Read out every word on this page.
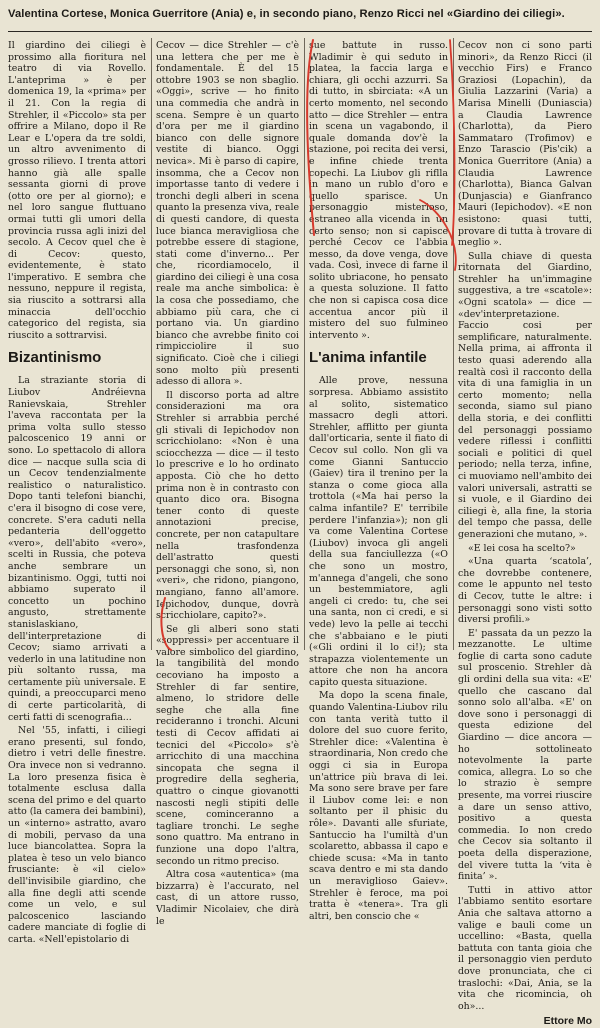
Valentina Cortese, Monica Guerritore (Ania) e, in secondo piano, Renzo Ricci nel «Giardino dei ciliegi».

Il giardino dei ciliegi è prossimo alla fioritura nel teatro di via Rovello. L'anteprima » è per domenica 19, la «prima» per il 21. Con la regia di Strehler, il «Piccolo» sta per offrire a Milano, dopo il Re Lear e L'opera da tre soldi, un altro avvenimento di grosso rilievo. I trenta attori hanno già alle spalle sessanta giorni di prove (otto ore per al giorno); e nel loro sangue fluttuano ormai tutti gli umori della provincia russa agli inizi del secolo. A Cecov quel che è di Cecov: questo, evidentemente, è stato l'imperativo. E sembra che nessuno, neppure il regista, sia riuscito a sottrarsi alla minaccia dell'occhio categorico del regista, sia riuscito a sottrarvisi.

Bizantinismo

La straziante storia di Liubov Andréievna Ranievskaia, Strehler l'aveva raccontata per la prima volta sullo stesso palcoscenico 19 anni or sono. Lo spettacolo di allora dice — nacque sulla scia di un Cecov tendenzialmente realistico o naturalistico. Dopo tanti telefoni bianchi, c'era il bisogno di cose vere, concrete. S'era caduti nella pedanteria dell'oggetto «vero», dell'abito «vero», scelti in Russia, che poteva anche sembrare un bizantinismo. Oggi, tutti noi abbiamo superato il concetto un pochino angusto, strettamente stanislaskiano, dell'interpretazione di Cecov; siamo arrivati a vederlo in una latitudine non più soltanto russa, ma certamente più universale. E quindi, a preoccuparci meno di certe particolarità, di certi fatti di scenografia...

Nel '55, infatti, i ciliegi erano presenti, sul fondo, dietro i vetri delle finestre. Ora invece non si vedranno. La loro presenza fisica è totalmente esclusa dalla scena del primo e del quarto atto (la camera dei bambini), un «interno» astratto, avaro di mobili, pervaso da una luce biancolattea. Sopra la platea è teso un velo bianco frusciante: è «il cielo» dell'invisibile giardino, che alla fine degli atti scende come un velo, e sul palcoscenico lasciando cadere manciate di foglie di carta. «Nell'epistolario di

Cecov — dice Strehler — c'è una lettera che per me è fondamentale. È del 15 ottobre 1903 se non sbaglio. «Oggi», scrive — ho finito una commedia che andrà in scena. Sempre è un quarto d'ora per me il giardino bianco con delle signore vestite di bianco. Oggi nevica». Mi è parso di capire, insomma, che a Cecov non importasse tanto di vedere i tronchi degli alberi in scena quanto la presenza viva, reale di questi candore, di questa luce bianca meravigliosa che potrebbe essere di stagione, stati come d'inverno... Per che, ricordiamocelo, il giardino dei ciliegi è una cosa reale ma anche simbolica: è la cosa che possediamo, che abbiamo più cara, che ci portano via. Un giardino bianco che avrebbe finito coi rimpicciolire il suo significato. Cioè che i ciliegi sono molto più presenti adesso di allora ».

Il discorso porta ad altre considerazioni ma ora Strehler si arrabbia perché gli stivali di Iepichodov non scricchiolano: «Non è una sciocchezza — dice — il testo lo prescrive e lo ho ordinato apposta. Ciò che ho detto prima non è in contrasto con quanto dico ora. Bisogna tener conto di queste annotazioni precise, concrete, per non catapultare nella trasfondenza dell'astratto questi personaggi che sono, sì, non «veri», che ridono, piangono, mangiano, fanno all'amore. Iepichodov, dunque, dovrà scricchiolare, capito?».

Se gli alberi sono stati «soppressi» per accentuare il valore simbolico del giardino, la tangibilità del mondo cecoviano ha imposto a Strehler di far sentire, almeno, lo stridore delle seghe che alla fine recideranno i tronchi. Alcuni testi di Cecov affidati ai tecnici del «Piccolo» s'è arricchito di una macchina sincopata che segna il progredire della segheria, quattro o cinque giovanotti nascosti negli stipiti delle scene, cominceranno a tagliare tronchi. Le seghe sono quattro. Ma entrano in funzione una dopo l'altra, secondo un ritmo preciso.

Altra cosa «autentica» (ma bizzarra) è l'accurato, nel cast, di un attore russo, Vladimir Nicolaiev, che dirà le

sue battute in russo. Wladimir è qui seduto in platea, la faccia larga e chiara, gli occhi azzurri. Sa di tutto, in sbirciata: «A un certo momento, nel secondo atto — dice Strehler — entra in scena un vagabondo, il quale domanda dov'è la stazione, poi recita dei versi, e infine chiede trenta copechi. La Liubov gli riflla in mano un rublo d'oro e quello sparisce. Un personaggio misterioso, estraneo alla vicenda in un certo senso; non si capisce perché Cecov ce l'abbia messo, da dove venga, dove vada. Così, invece di farne il solito ubriacone, ho pensato a questa soluzione. Il fatto che non si capisca cosa dice accentua ancor più il mistero del suo fulmineo intervento ».

L'anima infantile

Alle prove, nessuna sorpresa. Abbiamo assistito al solito, sistematico massacro degli attori. Strehler, afflitto per giunta dall'orticaria, sente il fiato di Cecov sul collo. Non gli va come Gianni Santuccio (Gaiev) tira il trenino per la stanza o come gioca alla trottola («Ma hai perso la calma infantile? E' terribile perdere l'infanzia»); non gli va come Valentina Cortese (Liubov) invoca gli angeli della sua fanciullezza («O che sono un mostro, m'annega d'angeli, che sono un bestemmiatore, agli angeli ci credo: tu, che sei una santa, non ci credi, e si vede) levo la pelle ai tecchi che s'abbaiano e le piuti («Gli ordini il lo ci!); sta strapazza violentemente un attore che non ha ancora capito questa situazione.

Ma dopo la scena finale, quando Valentina-Liubov rilu con tanta verità tutto il dolore del suo cuore ferito, Strehler dice: «Valentina è straordinaria, Non credo che oggi ci sia in Europa un'attrice più brava di lei. Ma sono sere brave per fare il Liubov come lei: e non soltanto per il phisic du rôle». Davanti alle sfuriate, Santuccio ha l'umiltà d'un scolaretto, abbassa il capo e chiede scusa: «Ma in tanto scava dentro e mi sta dando un meraviglioso Gaiev». Strehler è feroce, ma poi tratta è «tenera». Tra gli altri, ben conscio che «

Cecov non ci sono parti minori», da Renzo Ricci (il vecchio Firs) e Franco Graziosi (Lopachin), da Giulia Lazzarini (Varia) a Marisa Minelli (Duniascia) a Claudia Lawrence (Charlotta), da Piero Sammataro (Trofimov) e Enzo Tarascio (Pis'cik) a Monica Guerritore (Ania) a Claudia Lawrence (Charlotta), Bianca Galvan (Dunjascia) e Gianfranco Mauri (Iepichodov). «E non esistono: quasi tutti, provare di tutta à trovare di meglio ».

Sulla chiave di questa ritornata del Giardino, Strehler ha un'immagine suggestiva, a tre «scatole»: «Ogni scatola» — dice — «dev'interpretazione. Faccio cosi per semplificare, naturalmente. Nella prima, ai affronta il testo quasi aderendo alla realtà così il racconto della vita di una famiglia in un certo momento; nella seconda, siamo sul piano della storia, e dei conflitti del personaggi possiamo vedere riflessi i conflitti sociali e politici di quel periodo; nella terza, infine, ci muoviamo nell'ambito dei valori universali, astratti se si vuole, e il Giardino dei ciliegi è, alla fine, la storia del tempo che passa, delle generazioni che mutano, ».

«E lei cosa ha scelto?»

«Una quarta ‘scatola’, che dovrebbe contenere, come le appunto nel testo di Cecov, tutte le altre: i personaggi sono visti sotto diversi profili.»

E' passata da un pezzo la mezzanotte. Le ultime foglie di carta sono cadute sul proscenio. Strehler dà gli ordini della sua vita: «E' quello che cascano dal sonno solo all'alba. «E' on dove sono i personaggi di questa edizione del Giardino — dice ancora — ho sottolineato notevolmente la parte comica, allegra. Lo so che lo strazio è sempre presente, ma vorrei riuscire a dare un senso attivo, positivo a questa commedia. Io non credo che Cecov sia soltanto il poeta della disperazione, del vivere tutta la ‘vita è finita’ ».

Tutti in attivo attor l'abbiamo sentito esortare Ania che saltava attorno a valige e bauli come un uccellino: «Basta, quella battuta con tanta gioia che il personaggio vien perduto dove pronunciata, che ci traslochi: «Dai, Ania, se la vita che ricomincia, oh oh»...

Ettore Mo
